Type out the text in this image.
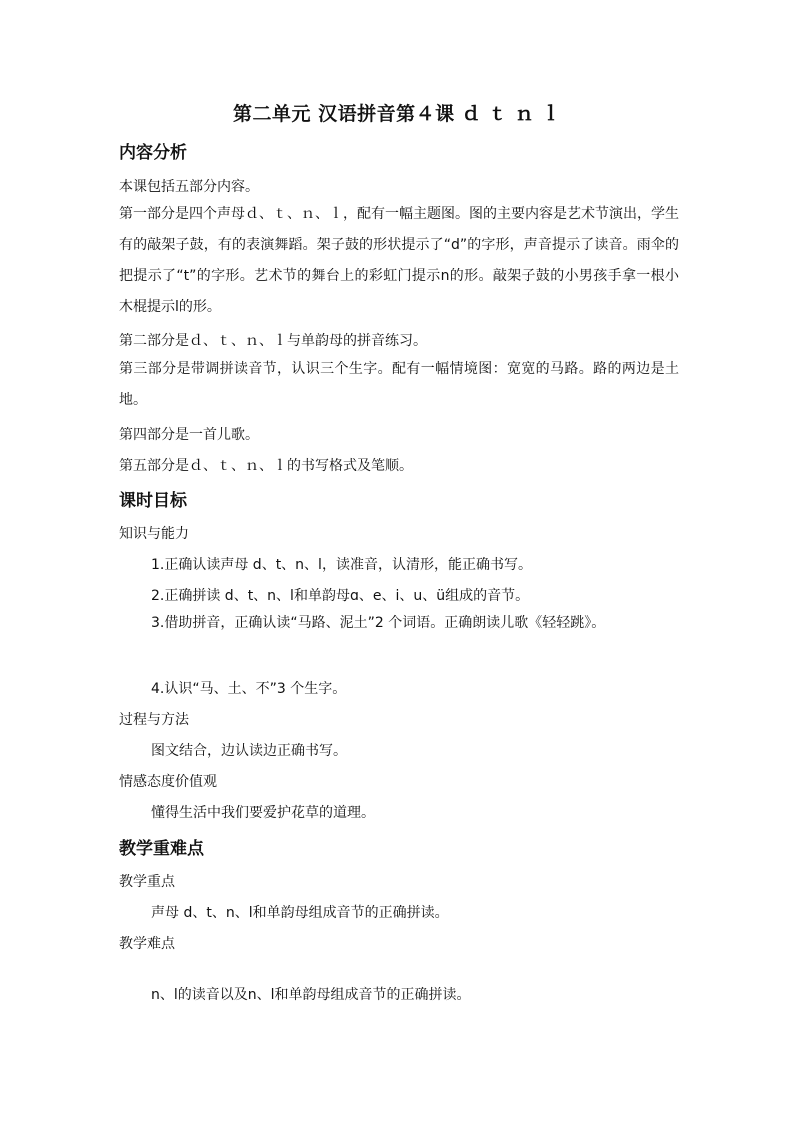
第二单元 汉语拼音第４课 ｄ ｔ ｎ ｌ
内容分析

本课包括五部分内容。

第一部分是四个声母ｄ、ｔ、ｎ、ｌ，配有一幅主题图。图的主要内容是艺术节演出，学生有的敲架子鼓，有的表演舞蹈。架子鼓的形状提示了“d”的字形，声音提示了读音。雨伞的把提示了“t”的字形。艺术节的舞台上的彩虹门提示n的形。敲架子鼓的小男孩手拿一根小木棍提示l的形。

第二部分是ｄ、ｔ、ｎ、ｌ与单韵母的拼音练习。

第三部分是带调拼读音节，认识三个生字。配有一幅情境图：宽宽的马路。路的两边是土地。

第四部分是一首儿歌。

第五部分是ｄ、ｔ、ｎ、ｌ的书写格式及笔顺。

课时目标

知识与能力

1.正确认读声母 d、t、n、l，读准音，认清形，能正确书写。

2.正确拼读 d、t、n、l和单韵母ɑ、e、i、u、ü组成的音节。

3.借助拼音，正确认读“马路、泥土”2 个词语。正确朗读儿歌《轻轻跳》。

4.认识“马、土、不”3 个生字。

过程与方法

图文结合，边认读边正确书写。

情感态度价值观

懂得生活中我们要爱护花草的道理。

教学重难点

教学重点

声母 d、t、n、l和单韵母组成音节的正确拼读。

教学难点

n、l的读音以及n、l和单韵母组成音节的正确拼读。
